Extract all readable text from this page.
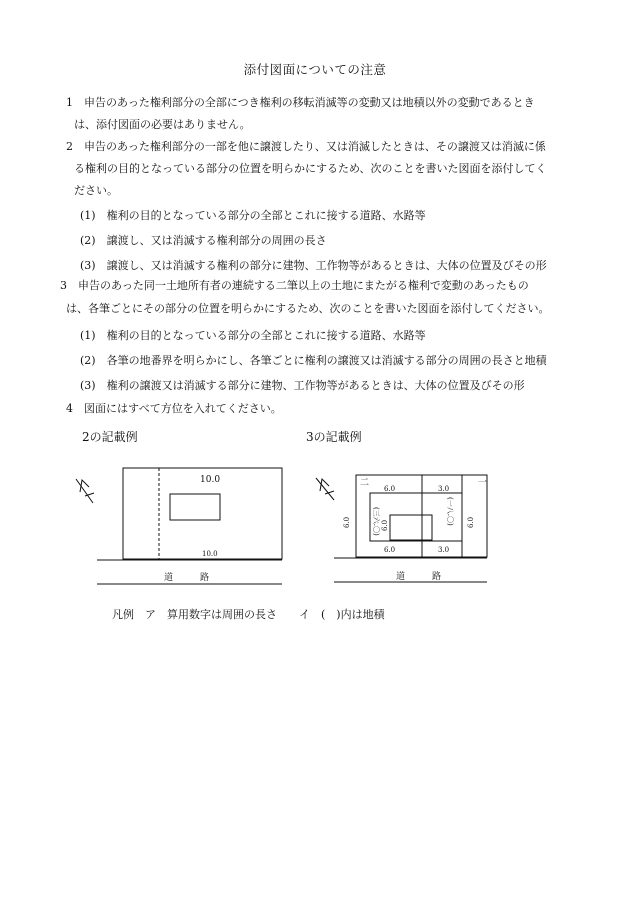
添付図面についての注意
1　申告のあった権利部分の全部につき権利の移転消滅等の変動又は地積以外の変動であるとき
は、添付図面の必要はありません。
2　申告のあった権利部分の一部を他に譲渡したり、又は消滅したときは、その譲渡又は消滅に係
る権利の目的となっている部分の位置を明らかにするため、次のことを書いた図面を添付してく
ださい。
(1)　権利の目的となっている部分の全部とこれに接する道路、水路等
(2)　譲渡し、又は消滅する権利部分の周囲の長さ
(3)　譲渡し、又は消滅する権利の部分に建物、工作物等があるときは、大体の位置及びその形
3　申告のあった同一土地所有者の連続する二筆以上の土地にまたがる権利で変動のあったもの
は、各筆ごとにその部分の位置を明らかにするため、次のことを書いた図面を添付してください。
(1)　権利の目的となっている部分の全部とこれに接する道路、水路等
(2)　各筆の地番界を明らかにし、各筆ごとに権利の譲渡又は消滅する部分の周囲の長さと地積
(3)　権利の譲渡又は消滅する部分に建物、工作物等があるときは、大体の位置及びその形
4　図面にはすべて方位を入れてください。
2の記載例	3の記載例
10.0
10.0
道　　　路
二	一
6.0	3.0
6.0	3.0
6.0	6.0	6.0
(三六.〇)	(一八.〇)
道　　　路
凡例　ア　算用数字は周囲の長さ　　イ　(　)内は地積
